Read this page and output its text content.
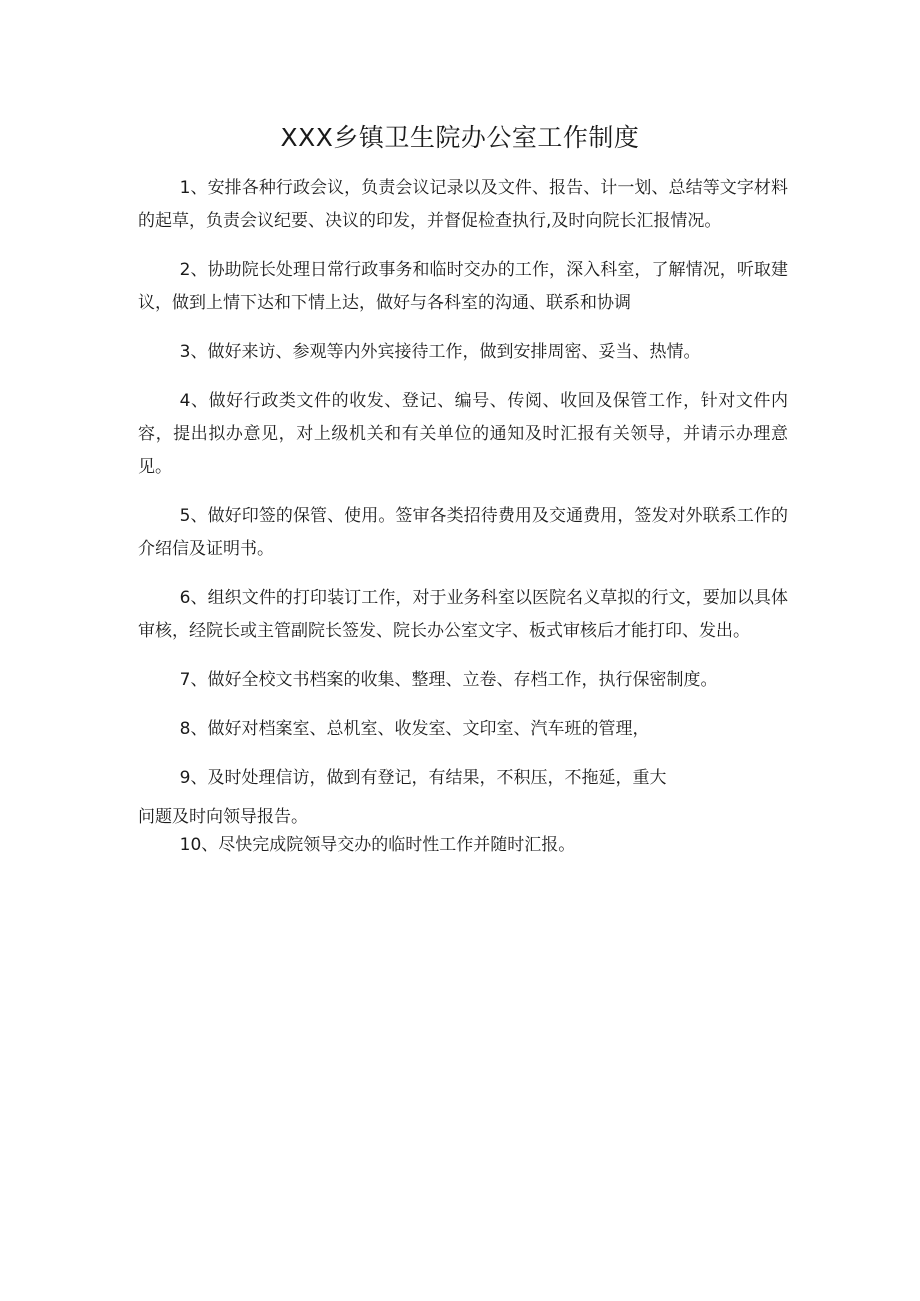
XXX乡镇卫生院办公室工作制度

1、安排各种行政会议，负责会议记录以及文件、报告、计一划、总结等文字材料的起草，负责会议纪要、决议的印发，并督促检查执行,及时向院长汇报情况。

2、协助院长处理日常行政事务和临时交办的工作，深入科室，了解情况，听取建议，做到上情下达和下情上达，做好与各科室的沟通、联系和协调

3、做好来访、参观等内外宾接待工作，做到安排周密、妥当、热情。

4、做好行政类文件的收发、登记、编号、传阅、收回及保管工作，针对文件内容，提出拟办意见，对上级机关和有关单位的通知及时汇报有关领导，并请示办理意见。

5、做好印签的保管、使用。签审各类招待费用及交通费用，签发对外联系工作的介绍信及证明书。

6、组织文件的打印装订工作，对于业务科室以医院名义草拟的行文，要加以具体审核，经院长或主管副院长签发、院长办公室文字、板式审核后才能打印、发出。

7、做好全校文书档案的收集、整理、立卷、存档工作，执行保密制度。

8、做好对档案室、总机室、收发室、文印室、汽车班的管理，

9、及时处理信访，做到有登记，有结果，不积压，不拖延，重大

问题及时向领导报告。

10、尽快完成院领导交办的临时性工作并随时汇报。
